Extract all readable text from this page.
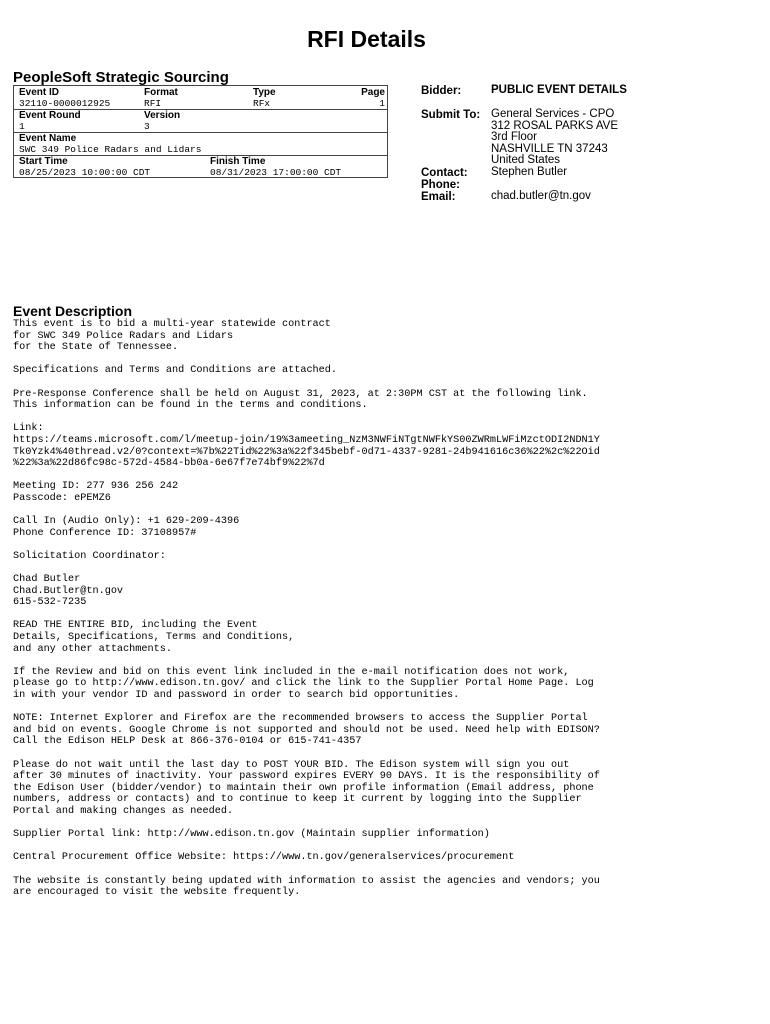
RFI Details
PeopleSoft Strategic Sourcing
Event ID	Format	Type	Page
32110-0000012925	RFI	RFx	1
Event Round	Version
1	3
Event Name
SWC 349 Police Radars and Lidars
Start Time	Finish Time
08/25/2023 10:00:00 CDT	08/31/2023 17:00:00 CDT
Bidder:	PUBLIC EVENT DETAILS
Submit To: General Services - CPO
312 ROSAL PARKS AVE
3rd Floor
NASHVILLE TN 37243
United States
Contact: Stephen Butler
Phone:
Email:	chad.butler@tn.gov
Event Description
This event is to bid a multi-year statewide contract
for SWC 349 Police Radars and Lidars
for the State of Tennessee.

Specifications and Terms and Conditions are attached.

Pre-Response Conference shall be held on August 31, 2023, at 2:30PM CST at the following link.
This information can be found in the terms and conditions.

Link:
https://teams.microsoft.com/l/meetup-join/19%3ameeting_NzM3NWFiNTgtNWFkYS00ZWRmLWFiMzctODI2NDN1Y
Tk0Yzk4%40thread.v2/0?context=%7b%22Tid%22%3a%22f345bebf-0d71-4337-9281-24b941616c36%22%2c%22Oid
%22%3a%22d86fc98c-572d-4584-bb0a-6e67f7e74bf9%22%7d

Meeting ID: 277 936 256 242
Passcode: ePEMZ6

Call In (Audio Only): +1 629-209-4396
Phone Conference ID: 37108957#

Solicitation Coordinator:

Chad Butler
Chad.Butler@tn.gov
615-532-7235

READ THE ENTIRE BID, including the Event
Details, Specifications, Terms and Conditions,
and any other attachments.

If the Review and bid on this event link included in the e-mail notification does not work,
please go to http://www.edison.tn.gov/ and click the link to the Supplier Portal Home Page. Log
in with your vendor ID and password in order to search bid opportunities.

NOTE: Internet Explorer and Firefox are the recommended browsers to access the Supplier Portal
and bid on events. Google Chrome is not supported and should not be used. Need help with EDISON?
Call the Edison HELP Desk at 866-376-0104 or 615-741-4357

Please do not wait until the last day to POST YOUR BID. The Edison system will sign you out
after 30 minutes of inactivity. Your password expires EVERY 90 DAYS. It is the responsibility of
the Edison User (bidder/vendor) to maintain their own profile information (Email address, phone
numbers, address or contacts) and to continue to keep it current by logging into the Supplier
Portal and making changes as needed.

Supplier Portal link: http://www.edison.tn.gov (Maintain supplier information)

Central Procurement Office Website: https://www.tn.gov/generalservices/procurement

The website is constantly being updated with information to assist the agencies and vendors; you
are encouraged to visit the website frequently.
